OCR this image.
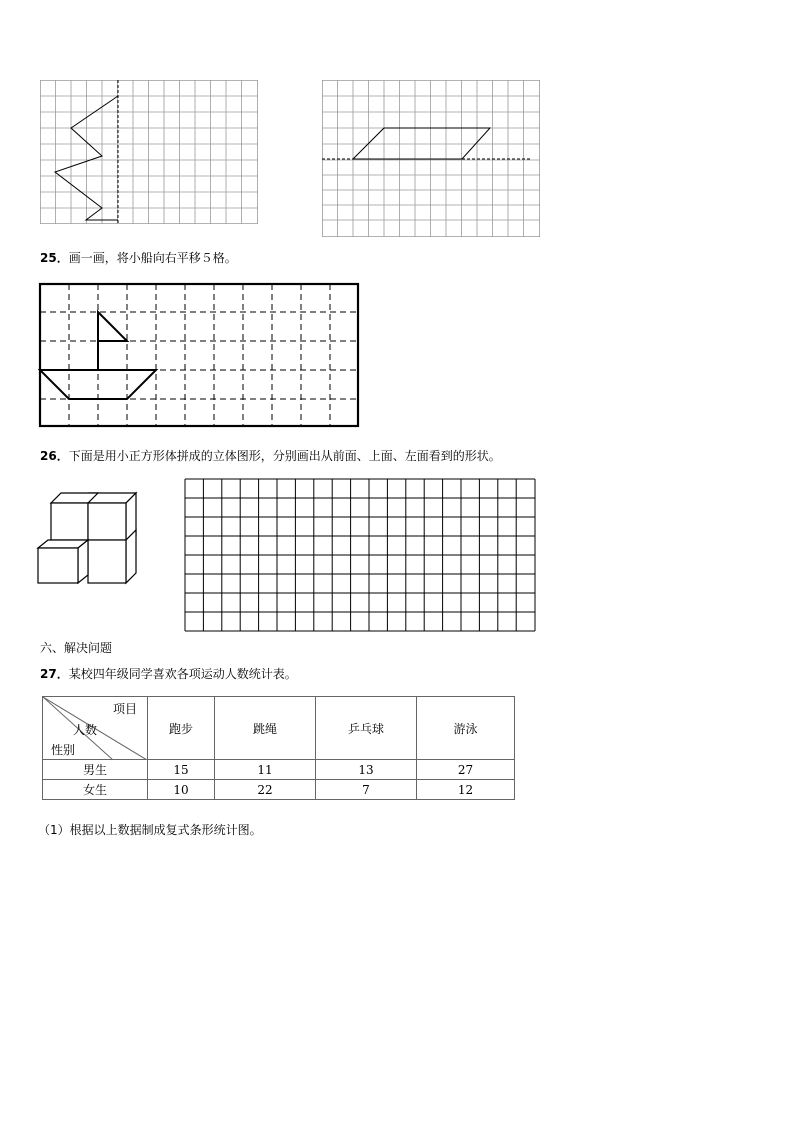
25．画一画，将小船向右平移５格。
26．下面是用小正方形体拼成的立体图形，分别画出从前面、上面、左面看到的形状。
六、解决问题
27．某校四年级同学喜欢各项运动人数统计表。
项目
人数
性别	跑步	跳绳	乒乓球	游泳
男生	15	11	13	27
女生	10	22	7	12
（1）根据以上数据制成复式条形统计图。
